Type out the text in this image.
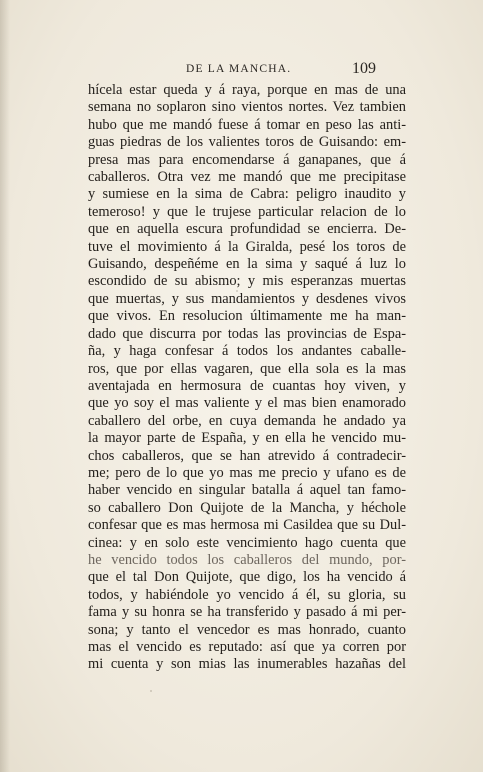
DE LA MANCHA.	109
hícela estar queda y á raya, porque en mas de una
semana no soplaron sino vientos nortes. Vez tambien
hubo que me mandó fuese á tomar en peso las anti-
guas piedras de los valientes toros de Guisando: em-
presa mas para encomendarse á ganapanes, que á
caballeros. Otra vez me mandó que me precipitase
y sumiese en la sima de Cabra: peligro inaudito y
temeroso! y que le trujese particular relacion de lo
que en aquella escura profundidad se encierra. De-
tuve el movimiento á la Giralda, pesé los toros de
Guisando, despeñéme en la sima y saqué á luz lo
escondido de su abismo; y mis esperanzas muertas
que muertas, y sus mandamientos y desdenes vivos
que vivos. En resolucion últimamente me ha man-
dado que discurra por todas las provincias de Espa-
ña, y haga confesar á todos los andantes caballe-
ros, que por ellas vagaren, que ella sola es la mas
aventajada en hermosura de cuantas hoy viven, y
que yo soy el mas valiente y el mas bien enamorado
caballero del orbe, en cuya demanda he andado ya
la mayor parte de España, y en ella he vencido mu-
chos caballeros, que se han atrevido á contradecir-
me; pero de lo que yo mas me precio y ufano es de
haber vencido en singular batalla á aquel tan famo-
so caballero Don Quijote de la Mancha, y héchole
confesar que es mas hermosa mi Casildea que su Dul-
cinea: y en solo este vencimiento hago cuenta que
he vencido todos los caballeros del mundo, por-
que el tal Don Quijote, que digo, los ha vencido á
todos, y habiéndole yo vencido á él, su gloria, su
fama y su honra se ha transferido y pasado á mi per-
sona; y tanto el vencedor es mas honrado, cuanto
mas el vencido es reputado: así que ya corren por
mi cuenta y son mias las inumerables hazañas del
